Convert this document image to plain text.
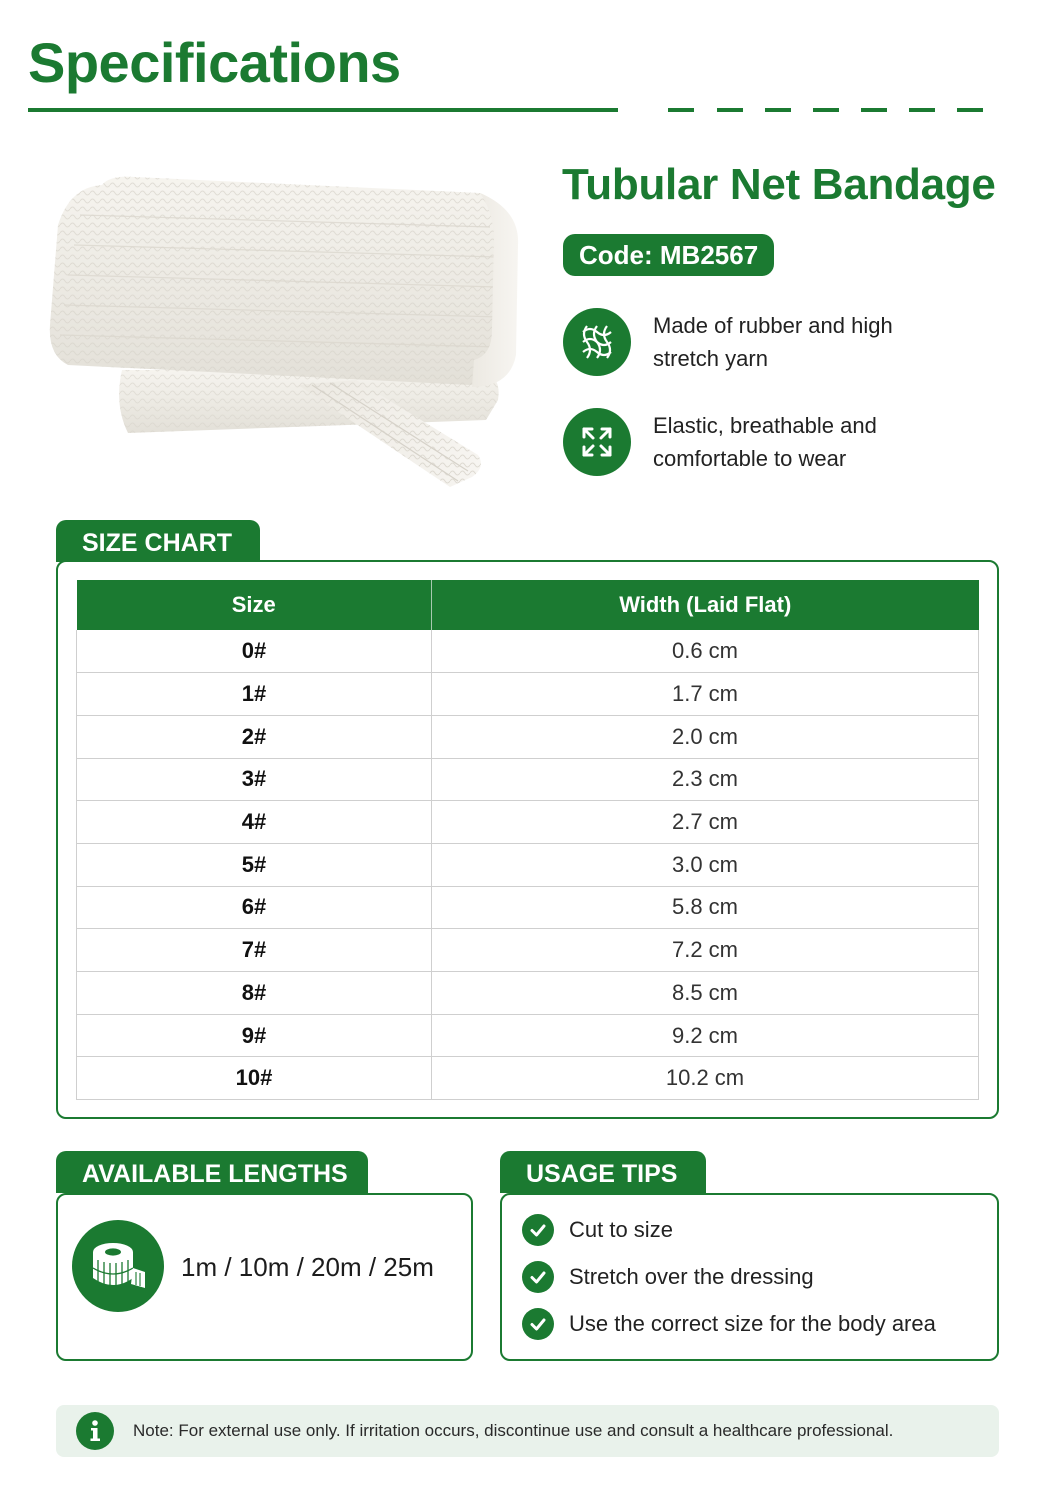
Specifications
Tubular Net Bandage
Code: MB2567
Made of rubber and high stretch yarn
Elastic, breathable and comfortable to wear
SIZE CHART
Size	Width (Laid Flat)
0#	0.6 cm
1#	1.7 cm
2#	2.0 cm
3#	2.3 cm
4#	2.7 cm
5#	3.0 cm
6#	5.8 cm
7#	7.2 cm
8#	8.5 cm
9#	9.2 cm
10#	10.2 cm
AVAILABLE LENGTHS
1m / 10m / 20m / 25m
USAGE TIPS
Cut to size
Stretch over the dressing
Use the correct size for the body area
Note: For external use only. If irritation occurs, discontinue use and consult a healthcare professional.
